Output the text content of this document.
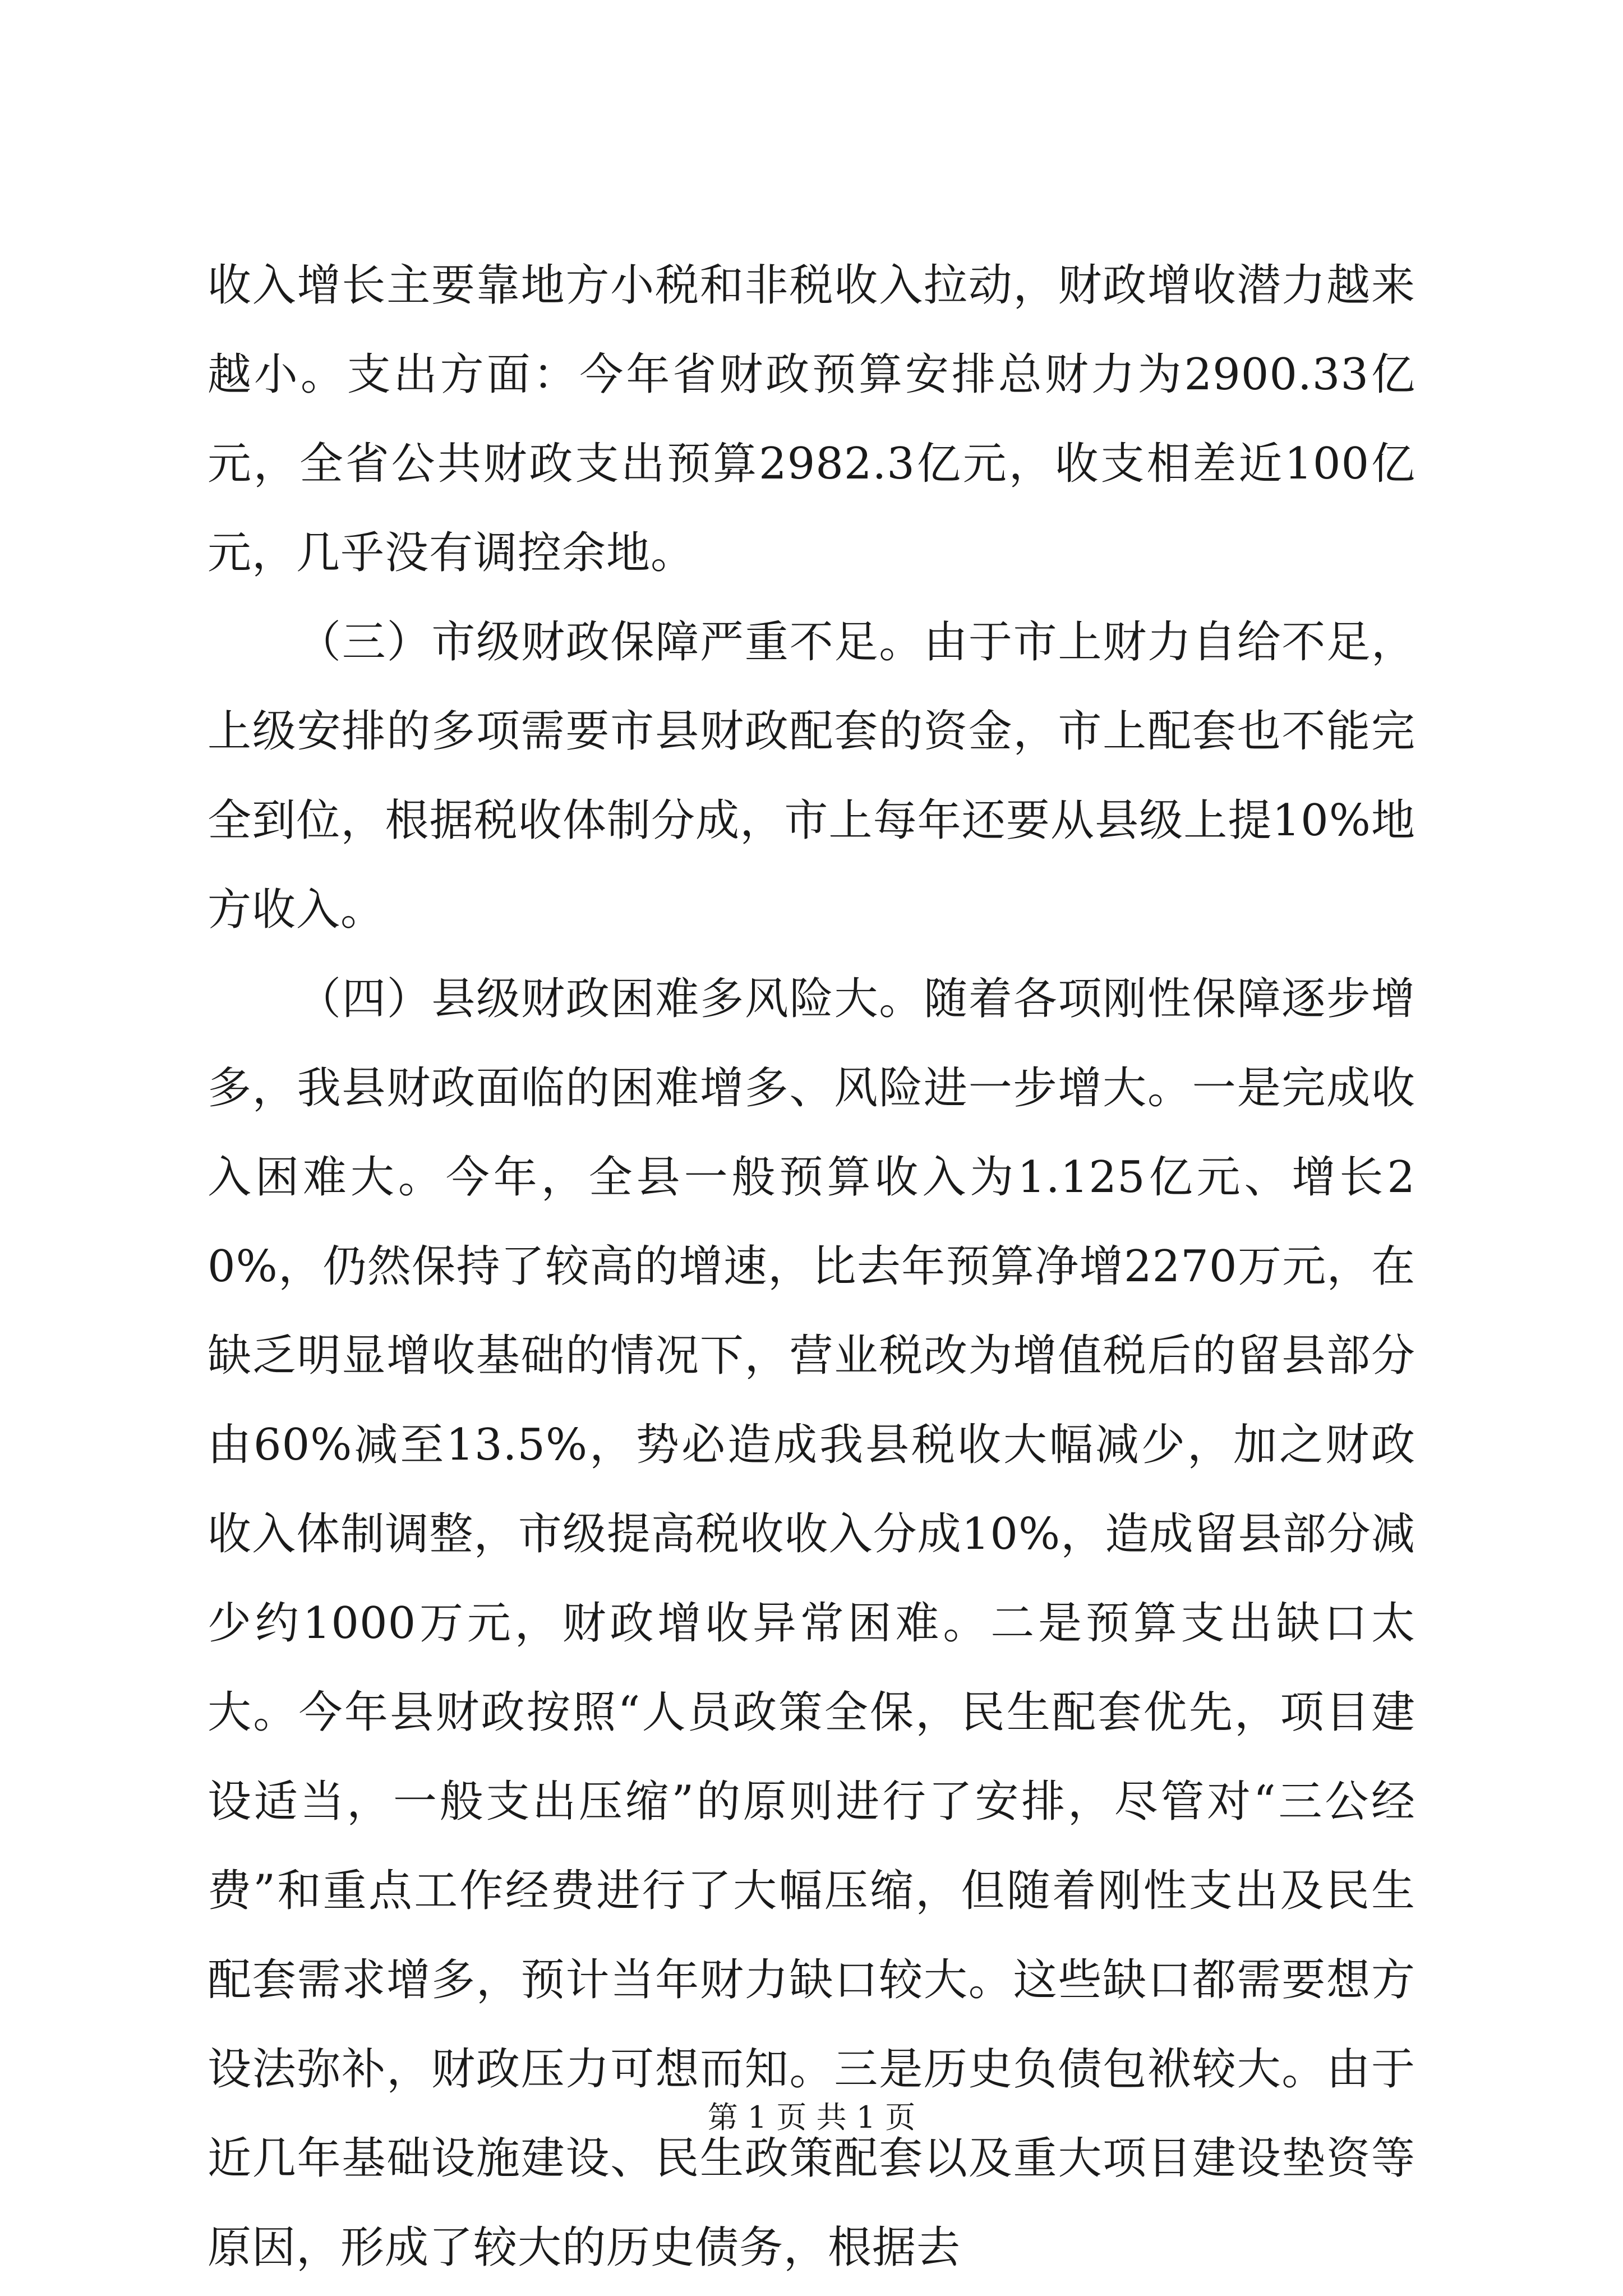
收入增长主要靠地方小税和非税收入拉动，财政增收潜力越来越小。支出方面：今年省财政预算安排总财力为2900.33亿元，全省公共财政支出预算2982.3亿元，收支相差近100亿元，几乎没有调控余地。

（三）市级财政保障严重不足。由于市上财力自给不足，上级安排的多项需要市县财政配套的资金，市上配套也不能完全到位，根据税收体制分成，市上每年还要从县级上提10%地方收入。

（四）县级财政困难多风险大。随着各项刚性保障逐步增多，我县财政面临的困难增多、风险进一步增大。一是完成收入困难大。今年，全县一般预算收入为1.125亿元、增长20%，仍然保持了较高的增速，比去年预算净增2270万元，在缺乏明显增收基础的情况下，营业税改为增值税后的留县部分由60%减至13.5%，势必造成我县税收大幅减少，加之财政收入体制调整，市级提高税收收入分成10%，造成留县部分减少约1000万元，财政增收异常困难。二是预算支出缺口太大。今年县财政按照“人员政策全保，民生配套优先，项目建设适当，一般支出压缩”的原则进行了安排，尽管对“三公经费”和重点工作经费进行了大幅压缩，但随着刚性支出及民生配套需求增多，预计当年财力缺口较大。这些缺口都需要想方设法弥补，财政压力可想而知。三是历史负债包袱较大。由于近几年基础设施建设、民生政策配套以及重大项目建设垫资等原因，形成了较大的历史债务，根据去

第 1 页 共 1 页
